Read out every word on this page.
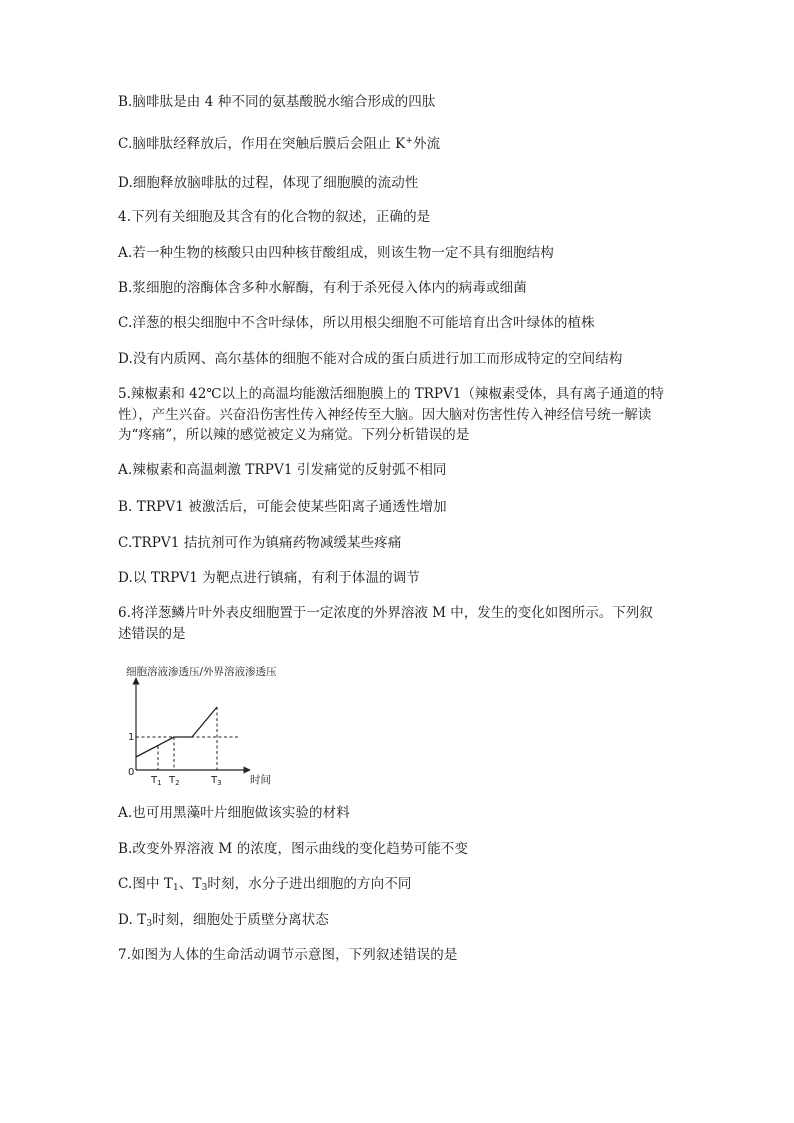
B.脑啡肽是由 4 种不同的氨基酸脱水缩合形成的四肽
C.脑啡肽经释放后，作用在突触后膜后会阻止 K+外流
D.细胞释放脑啡肽的过程，体现了细胞膜的流动性
4.下列有关细胞及其含有的化合物的叙述，正确的是
A.若一种生物的核酸只由四种核苷酸组成，则该生物一定不具有细胞结构
B.浆细胞的溶酶体含多种水解酶，有利于杀死侵入体内的病毒或细菌
C.洋葱的根尖细胞中不含叶绿体，所以用根尖细胞不可能培育出含叶绿体的植株
D.没有内质网、高尔基体的细胞不能对合成的蛋白质进行加工而形成特定的空间结构
5.辣椒素和 42℃以上的高温均能激活细胞膜上的 TRPV1（辣椒素受体，具有离子通道的特
性），产生兴奋。兴奋沿伤害性传入神经传至大脑。因大脑对伤害性传入神经信号统一解读
为“疼痛”，所以辣的感觉被定义为痛觉。下列分析错误的是
A.辣椒素和高温刺激 TRPV1 引发痛觉的反射弧不相同
B. TRPV1 被激活后，可能会使某些阳离子通透性增加
C.TRPV1 拮抗剂可作为镇痛药物减缓某些疼痛
D.以 TRPV1 为靶点进行镇痛，有利于体温的调节
6.将洋葱鳞片叶外表皮细胞置于一定浓度的外界溶液 M 中，发生的变化如图所示。下列叙
述错误的是
细胞溶液渗透压/外界溶液渗透压
0
1
$T_1$ $T_2$	$T_3$	时间
A.也可用黑藻叶片细胞做该实验的材料
B.改变外界溶液 M 的浓度，图示曲线的变化趋势可能不变
C.图中 $T_1$、$T_3$时刻，水分子进出细胞的方向不同
D. $T_3$时刻，细胞处于质壁分离状态
7.如图为人体的生命活动调节示意图，下列叙述错误的是
